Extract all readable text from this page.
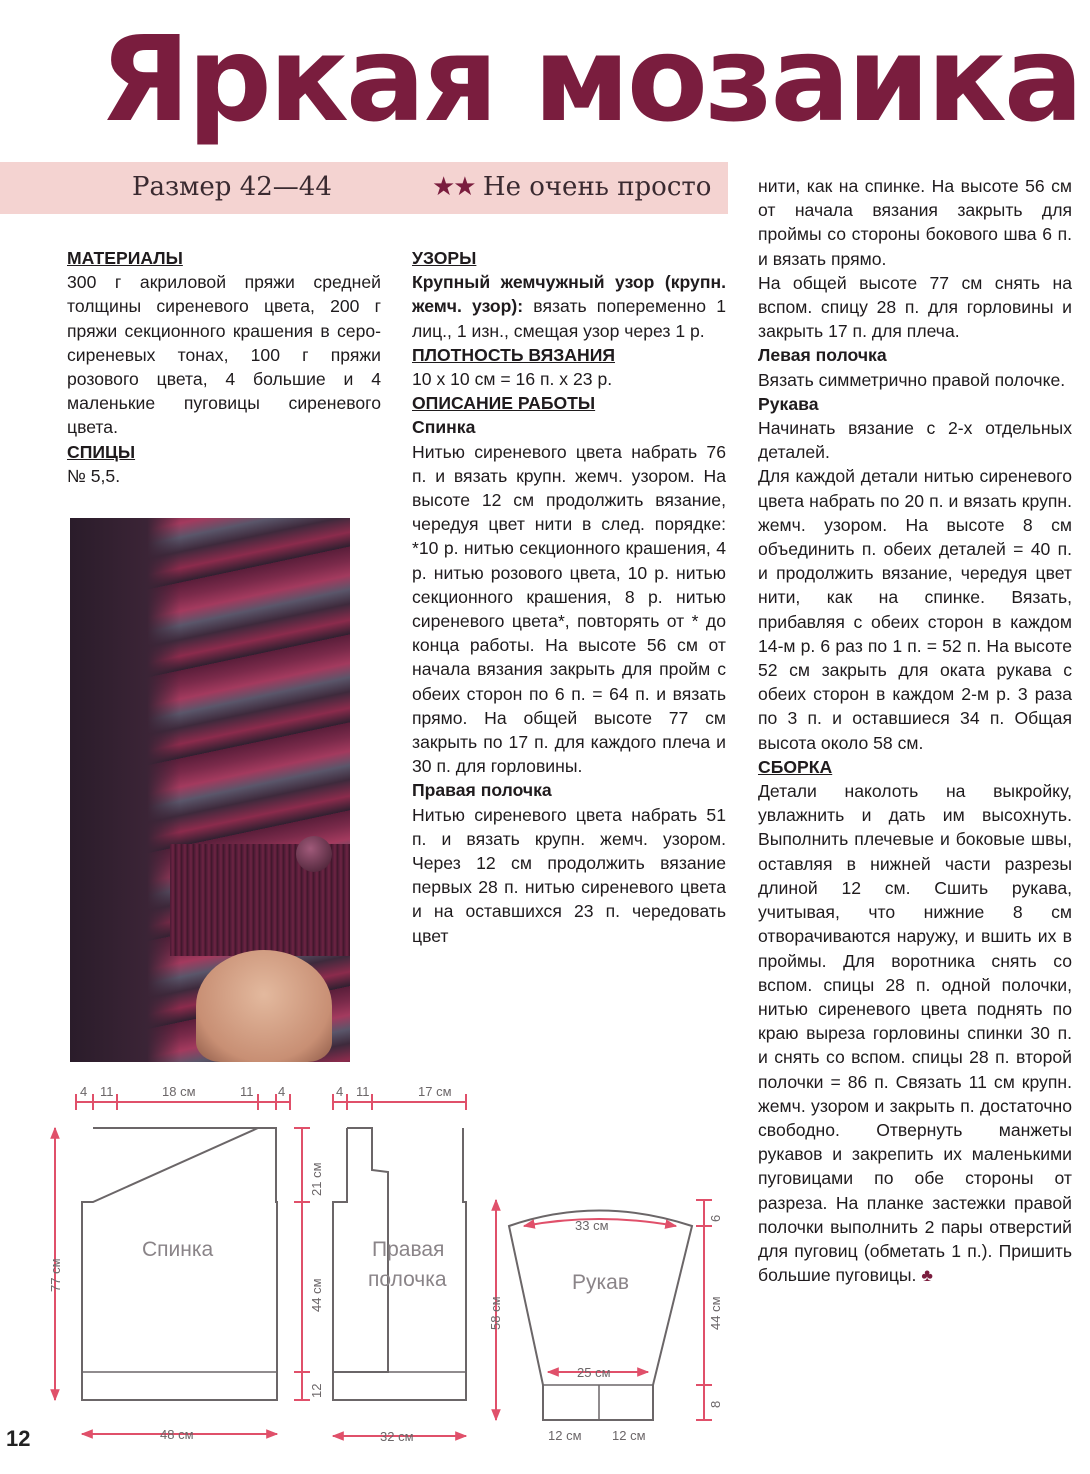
Яркая мозаика
Размер 42—44	★★ Не очень просто
МАТЕРИАЛЫ

300 г акриловой пряжи средней толщины сиреневого цвета, 200 г пряжи секционного крашения в серо-сиреневых тонах, 100 г пряжи розового цвета, 4 большие и 4 маленькие пуговицы сиреневого цвета.

СПИЦЫ

№ 5,5.

УЗОРЫ

Крупный жемчужный узор (крупн. жемч. узор): вязать попеременно 1 лиц., 1 изн., смещая узор через 1 р.

ПЛОТНОСТЬ ВЯЗАНИЯ

10 x 10 см = 16 п. x 23 р.

ОПИСАНИЕ РАБОТЫ
Спинка

Нитью сиреневого цвета набрать 76 п. и вязать крупн. жемч. узором. На высоте 12 см продолжить вязание, чередуя цвет нити в след. порядке: *10 р. нитью секционного крашения, 4 р. нитью розового цвета, 10 р. нитью секционного крашения, 8 р. нитью сиреневого цвета*, повторять от * до конца работы. На высоте 56 см от начала вязания закрыть для пройм с обеих сторон по 6 п. = 64 п. и вязать прямо. На общей высоте 77 см закрыть по 17 п. для каждого плеча и 30 п. для горловины.

Правая полочка

Нитью сиреневого цвета набрать 51 п. и вязать крупн. жемч. узором. Через 12 см продолжить вязание первых 28 п. нитью сиреневого цвета и на оставшихся 23 п. чередовать цвет

нити, как на спинке. На высоте 56 см от начала вязания закрыть для проймы со стороны бокового шва 6 п. и вязать прямо.

На общей высоте 77 см снять на вспом. спицу 28 п. для горловины и закрыть 17 п. для плеча.

Левая полочка

Вязать симметрично правой полочке.

Рукава

Начинать вязание с 2-х отдельных деталей.

Для каждой детали нитью сиреневого цвета набрать по 20 п. и вязать крупн. жемч. узором. На высоте 8 см объединить п. обеих деталей = 40 п. и продолжить вязание, чередуя цвет нити, как на спинке. Вязать, прибавляя с обеих сторон в каждом 14-м р. 6 раз по 1 п. = 52 п. На высоте 52 см закрыть для оката рукава с обеих сторон в каждом 2-м р. 3 раза по 3 п. и оставшиеся 34 п. Общая высота около 58 см.

СБОРКА

Детали наколоть на выкройку, увлажнить и дать им высохнуть. Выполнить плечевые и боковые швы, оставляя в нижней части разрезы длиной 12 см. Сшить рукава, учитывая, что нижние 8 см отворачиваются наружу, и вшить их в проймы. Для воротника снять со вспом. спицы 28 п. одной полочки, нитью сиреневого цвета поднять по краю выреза горловины спинки 30 п. и снять со вспом. спицы 28 п. второй полочки = 86 п. Связать 11 см крупн. жемч. узором и закрыть п. достаточно свободно. Отвернуть манжеты рукавов и закрепить их маленькими пуговицами по обе стороны от разреза. На планке застежки правой полочки выполнить 2 пары отверстий для пуговиц (обметать 1 п.). Пришить большие пуговицы. ♣

4 11	18 см	11 4
48 см
77 см
4 11	17 см
21 см
44 см
12
32 см
33 см
25 см
58 см
6
44 см
8
12 см 12 см
Спинка	Правая
полочка	Рукав
12
